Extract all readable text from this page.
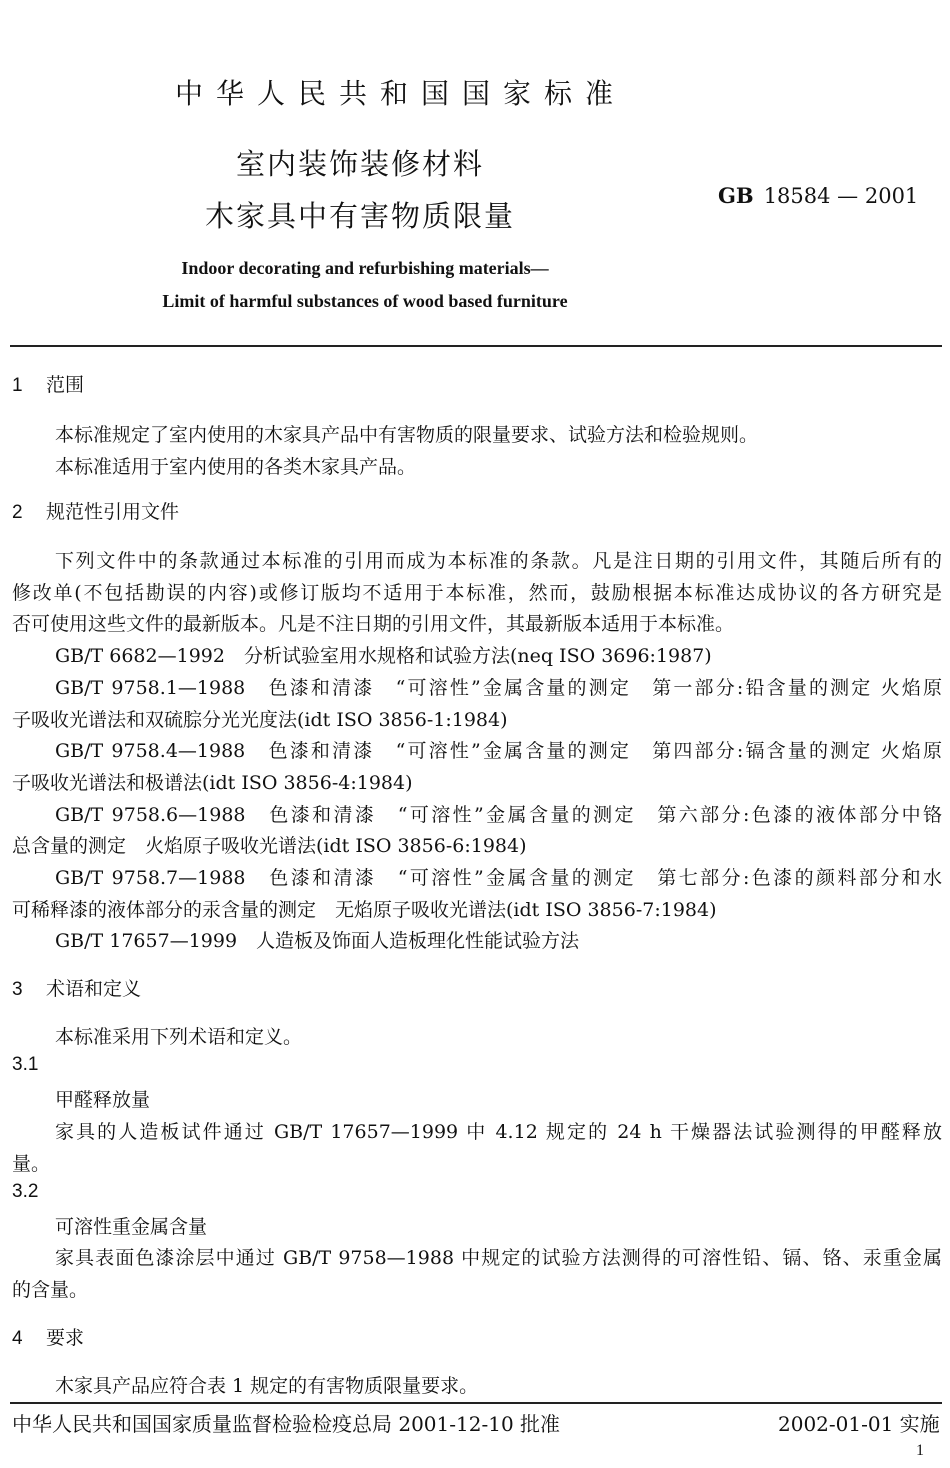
中华人民共和国国家标准
室内装饰装修材料
木家具中有害物质限量
GB 18584 — 2001
Indoor decorating and refurbishing materials—
Limit of harmful substances of wood based furniture
1 范围
本标准规定了室内使用的木家具产品中有害物质的限量要求、试验方法和检验规则。
本标准适用于室内使用的各类木家具产品。
2 规范性引用文件
下列文件中的条款通过本标准的引用而成为本标准的条款。凡是注日期的引用文件，其随后所有的
修改单(不包括勘误的内容)或修订版均不适用于本标准，然而，鼓励根据本标准达成协议的各方研究是
否可使用这些文件的最新版本。凡是不注日期的引用文件，其最新版本适用于本标准。
GB/T 6682—1992　分析试验室用水规格和试验方法(neq ISO 3696:1987)
GB/T 9758.1—1988　色漆和清漆　“可溶性”金属含量的测定　第一部分:铅含量的测定 火焰原
子吸收光谱法和双硫腙分光光度法(idt ISO 3856-1:1984)
GB/T 9758.4—1988　色漆和清漆　“可溶性”金属含量的测定　第四部分:镉含量的测定 火焰原
子吸收光谱法和极谱法(idt ISO 3856-4:1984)
GB/T 9758.6—1988　色漆和清漆　“可溶性”金属含量的测定　第六部分:色漆的液体部分中铬
总含量的测定　火焰原子吸收光谱法(idt ISO 3856-6:1984)
GB/T 9758.7—1988　色漆和清漆　“可溶性”金属含量的测定　第七部分:色漆的颜料部分和水
可稀释漆的液体部分的汞含量的测定　无焰原子吸收光谱法(idt ISO 3856-7:1984)
GB/T 17657—1999　人造板及饰面人造板理化性能试验方法
3 术语和定义
本标准采用下列术语和定义。
3.1
甲醛释放量
家具的人造板试件通过 GB/T 17657—1999 中 4.12 规定的 24 h 干燥器法试验测得的甲醛释放
量。
3.2
可溶性重金属含量
家具表面色漆涂层中通过 GB/T 9758—1988 中规定的试验方法测得的可溶性铅、镉、铬、汞重金属
的含量。
4 要求
木家具产品应符合表 1 规定的有害物质限量要求。
中华人民共和国国家质量监督检验检疫总局 2001-12-10 批准	2002-01-01 实施
1
